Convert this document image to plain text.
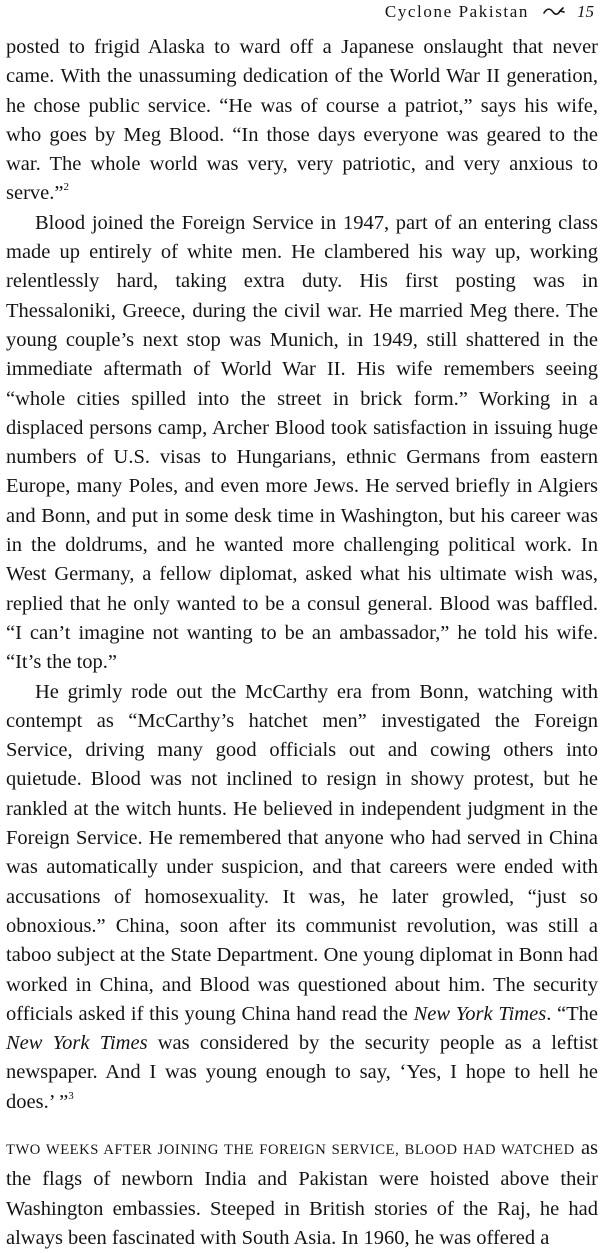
Cyclone Pakistan	15

posted to frigid Alaska to ward off a Japanese onslaught that never came. With the unassuming dedication of the World War II generation, he chose public service. “He was of course a patriot,” says his wife, who goes by Meg Blood. “In those days everyone was geared to the war. The whole world was very, very patriotic, and very anxious to serve.”$^2$

Blood joined the Foreign Service in 1947, part of an entering class made up entirely of white men. He clambered his way up, working relentlessly hard, taking extra duty. His first posting was in Thessaloniki, Greece, during the civil war. He married Meg there. The young couple’s next stop was Munich, in 1949, still shattered in the immediate aftermath of World War II. His wife remembers seeing “whole cities spilled into the street in brick form.” Working in a displaced persons camp, Archer Blood took satisfaction in issuing huge numbers of U.S. visas to Hungarians, ethnic Germans from eastern Europe, many Poles, and even more Jews. He served briefly in Algiers and Bonn, and put in some desk time in Washington, but his career was in the doldrums, and he wanted more challenging political work. In West Germany, a fellow diplomat, asked what his ultimate wish was, replied that he only wanted to be a consul general. Blood was baffled. “I can’t imagine not wanting to be an ambassador,” he told his wife. “It’s the top.”

He grimly rode out the McCarthy era from Bonn, watching with contempt as “McCarthy’s hatchet men” investigated the Foreign Service, driving many good officials out and cowing others into quietude. Blood was not inclined to resign in showy protest, but he rankled at the witch hunts. He believed in independent judgment in the Foreign Service. He remembered that anyone who had served in China was automatically under suspicion, and that careers were ended with accusations of homosexuality. It was, he later growled, “just so obnoxious.” China, soon after its communist revolution, was still a taboo subject at the State Department. One young diplomat in Bonn had worked in China, and Blood was questioned about him. The security officials asked if this young China hand read the New York Times. “The New York Times was considered by the security people as a leftist newspaper. And I was young enough to say, ‘Yes, I hope to hell he does.’ ”$^3$

TWO WEEKS AFTER JOINING THE FOREIGN SERVICE, BLOOD HAD WATCHED as the flags of newborn India and Pakistan were hoisted above their Washington embassies. Steeped in British stories of the Raj, he had always been fascinated with South Asia. In 1960, he was offered a
